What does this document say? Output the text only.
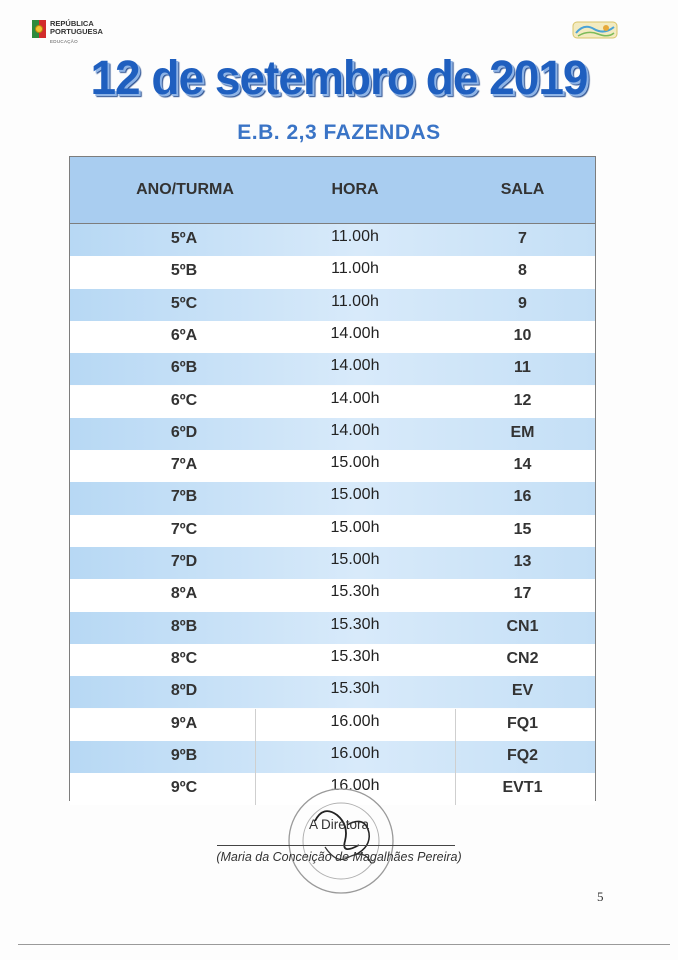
REPÚBLICA
PORTUGUESA
EDUCAÇÃO
12 de setembro de 2019
E.B. 2,3 FAZENDAS
ANO/TURMA	HORA	SALA
5ºA	11.00h	7
5ºB	11.00h	8
5ºC	11.00h	9
6ºA	14.00h	10
6ºB	14.00h	11
6ºC	14.00h	12
6ºD	14.00h	EM
7ºA	15.00h	14
7ºB	15.00h	16
7ºC	15.00h	15
7ºD	15.00h	13
8ºA	15.30h	17
8ºB	15.30h	CN1
8ºC	15.30h	CN2
8ºD	15.30h	EV
9ºA	16.00h	FQ1
9ºB	16.00h	FQ2
9ºC	16.00h	EVT1
A Diretora
(Maria da Conceição de Magalhães Pereira)
5
